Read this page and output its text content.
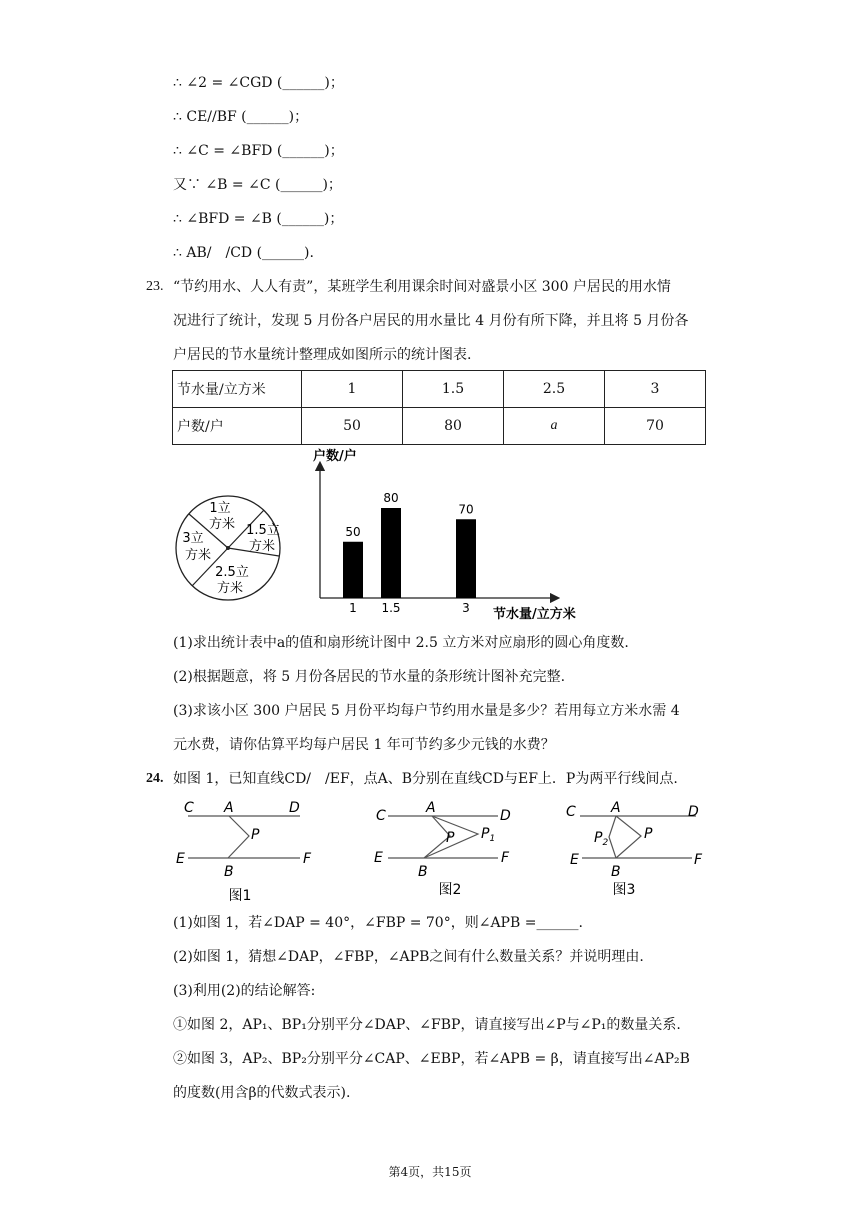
∴ ∠2 = ∠CGD (______)；
∴ CE//BF (______)；
∴ ∠C = ∠BFD (______)；
又∵ ∠B = ∠C (______)；
∴ ∠BFD = ∠B (______)；
∴ AB/　/CD (______).
23. “节约用水、人人有责”，某班学生利用课余时间对盛景小区 300 户居民的用水情
况进行了统计，发现 5 月份各户居民的用水量比 4 月份有所下降，并且将 5 月份各
户居民的节水量统计整理成如图所示的统计图表.
节水量/立方米	1	1.5	2.5	3
户数/户	50	80	a	70
1立
方米 1.5立
方米
3立
方米
2.5立
方米
户数/户
节水量/立方米
50
1
80
1.5
70
3
(1)求出统计表中a的值和扇形统计图中 2.5 立方米对应扇形的圆心角度数.
(2)根据题意，将 5 月份各居民的节水量的条形统计图补充完整.
(3)求该小区 300 户居民 5 月份平均每户节约用水量是多少？若用每立方米水需 4
元水费，请你估算平均每户居民 1 年可节约多少元钱的水费？
24. 如图 1，已知直线CD/　/EF，点A、B分别在直线CD与EF上．P为两平行线间点.
C A	D
P
E
B
F
图1
C	A	D
P $P_1$
E
B
F
图2
C	A	D
P
$P_2$
E
B
F
图3
(1)如图 1，若∠DAP = 40°，∠FBP = 70°，则∠APB =______.
(2)如图 1，猜想∠DAP，∠FBP，∠APB之间有什么数量关系？并说明理由.
(3)利用(2)的结论解答:
①如图 2，AP₁、BP₁分别平分∠DAP、∠FBP，请直接写出∠P与∠P₁的数量关系.
②如图 3，AP₂、BP₂分别平分∠CAP、∠EBP，若∠APB = β，请直接写出∠AP₂B
的度数(用含β的代数式表示).
第4页，共15页
